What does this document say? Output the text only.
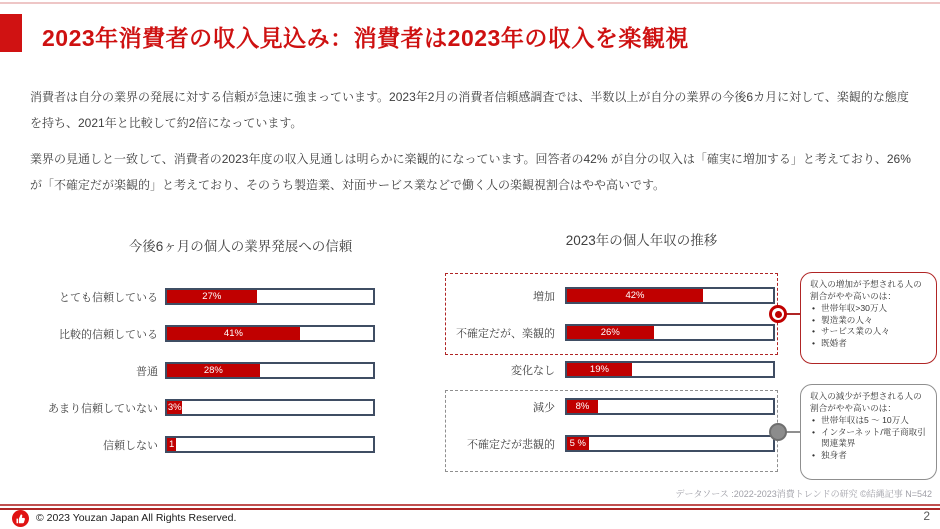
2023年消費者の収入見込み：消費者は2023年の収入を楽観視

消費者は自分の業界の発展に対する信頼が急速に強まっています。2023年2月の消費者信頼感調査では、半数以上が自分の業界の今後6カ月に対して、楽観的な態度を持ち、2021年と比較して約2倍になっています。

業界の見通しと一致して、消費者の2023年度の収入見通しは明らかに楽観的になっています。回答者の42% が自分の収入は「確実に増加する」と考えており、26% が「不確定だが楽観的」と考えており、そのうち製造業、対面サービス業などで働く人の楽観視割合はやや高いです。

今後6ヶ月の個人の業界発展への信頼
とても信頼している	27%
比較的信頼している	41%
普通	28%
あまり信頼していない 3%
信頼しない 1
2023年の個人年収の推移
増加	42%
不確定だが、楽観的	26%
変化なし	19%
減少 8%
不確定だが悲観的 5 %
収入の増加が予想される人の割合がやや高いのは：
• 世帯年収>30万人
• 製造業の人々
• サービス業の人々
• 既婚者
収入の減少が予想される人の割合がやや高いのは：
• 世帯年収は5 ～ 10万人
• インターネット/電子商取引関連業界
• 独身者
データソース :2022-2023消費トレンドの研究 ©結縄記事 N=542
© 2023 Youzan Japan All Rights Reserved.	2
